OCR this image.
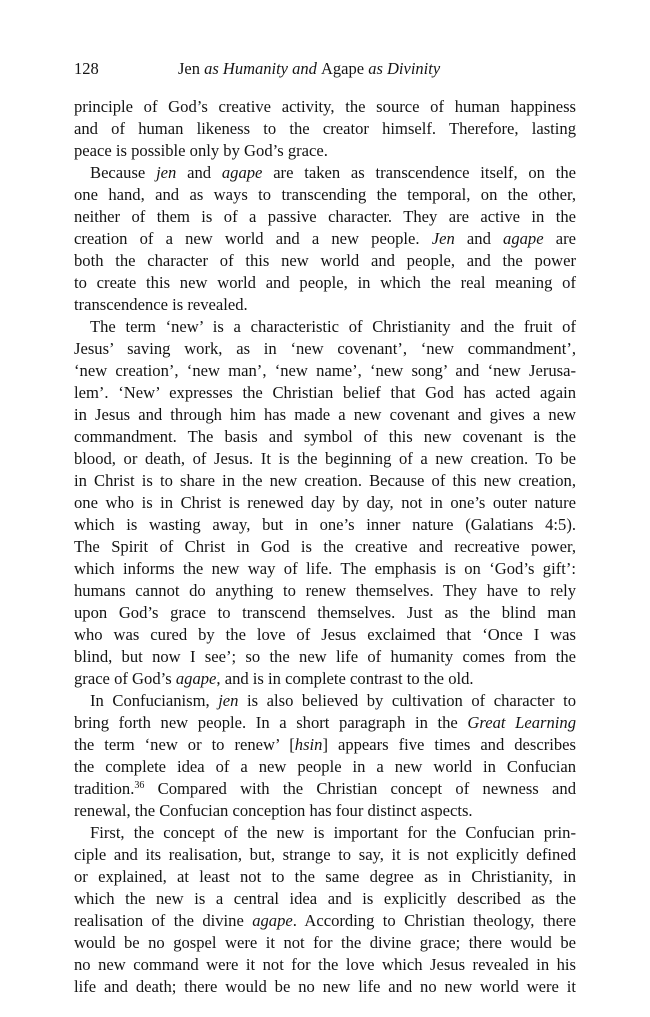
128	Jen as Humanity and Agape as Divinity
principle of God’s creative activity, the source of human happiness
and of human likeness to the creator himself. Therefore, lasting
peace is possible only by God’s grace.
Because jen and agape are taken as transcendence itself, on the
one hand, and as ways to transcending the temporal, on the other,
neither of them is of a passive character. They are active in the
creation of a new world and a new people. Jen and agape are
both the character of this new world and people, and the power
to create this new world and people, in which the real meaning of
transcendence is revealed.
The term ‘new’ is a characteristic of Christianity and the fruit of
Jesus’ saving work, as in ‘new covenant’, ‘new commandment’,
‘new creation’, ‘new man’, ‘new name’, ‘new song’ and ‘new Jerusa-
lem’. ‘New’ expresses the Christian belief that God has acted again
in Jesus and through him has made a new covenant and gives a new
commandment. The basis and symbol of this new covenant is the
blood, or death, of Jesus. It is the beginning of a new creation. To be
in Christ is to share in the new creation. Because of this new creation,
one who is in Christ is renewed day by day, not in one’s outer nature
which is wasting away, but in one’s inner nature (Galatians 4:5).
The Spirit of Christ in God is the creative and recreative power,
which informs the new way of life. The emphasis is on ‘God’s gift’:
humans cannot do anything to renew themselves. They have to rely
upon God’s grace to transcend themselves. Just as the blind man
who was cured by the love of Jesus exclaimed that ‘Once I was
blind, but now I see’; so the new life of humanity comes from the
grace of God’s agape, and is in complete contrast to the old.
In Confucianism, jen is also believed by cultivation of character to
bring forth new people. In a short paragraph in the Great Learning
the term ‘new or to renew’ [hsin] appears five times and describes
the complete idea of a new people in a new world in Confucian
tradition.$^{36}$ Compared with the Christian concept of newness and
renewal, the Confucian conception has four distinct aspects.
First, the concept of the new is important for the Confucian prin-
ciple and its realisation, but, strange to say, it is not explicitly defined
or explained, at least not to the same degree as in Christianity, in
which the new is a central idea and is explicitly described as the
realisation of the divine agape. According to Christian theology, there
would be no gospel were it not for the divine grace; there would be
no new command were it not for the love which Jesus revealed in his
life and death; there would be no new life and no new world were it
